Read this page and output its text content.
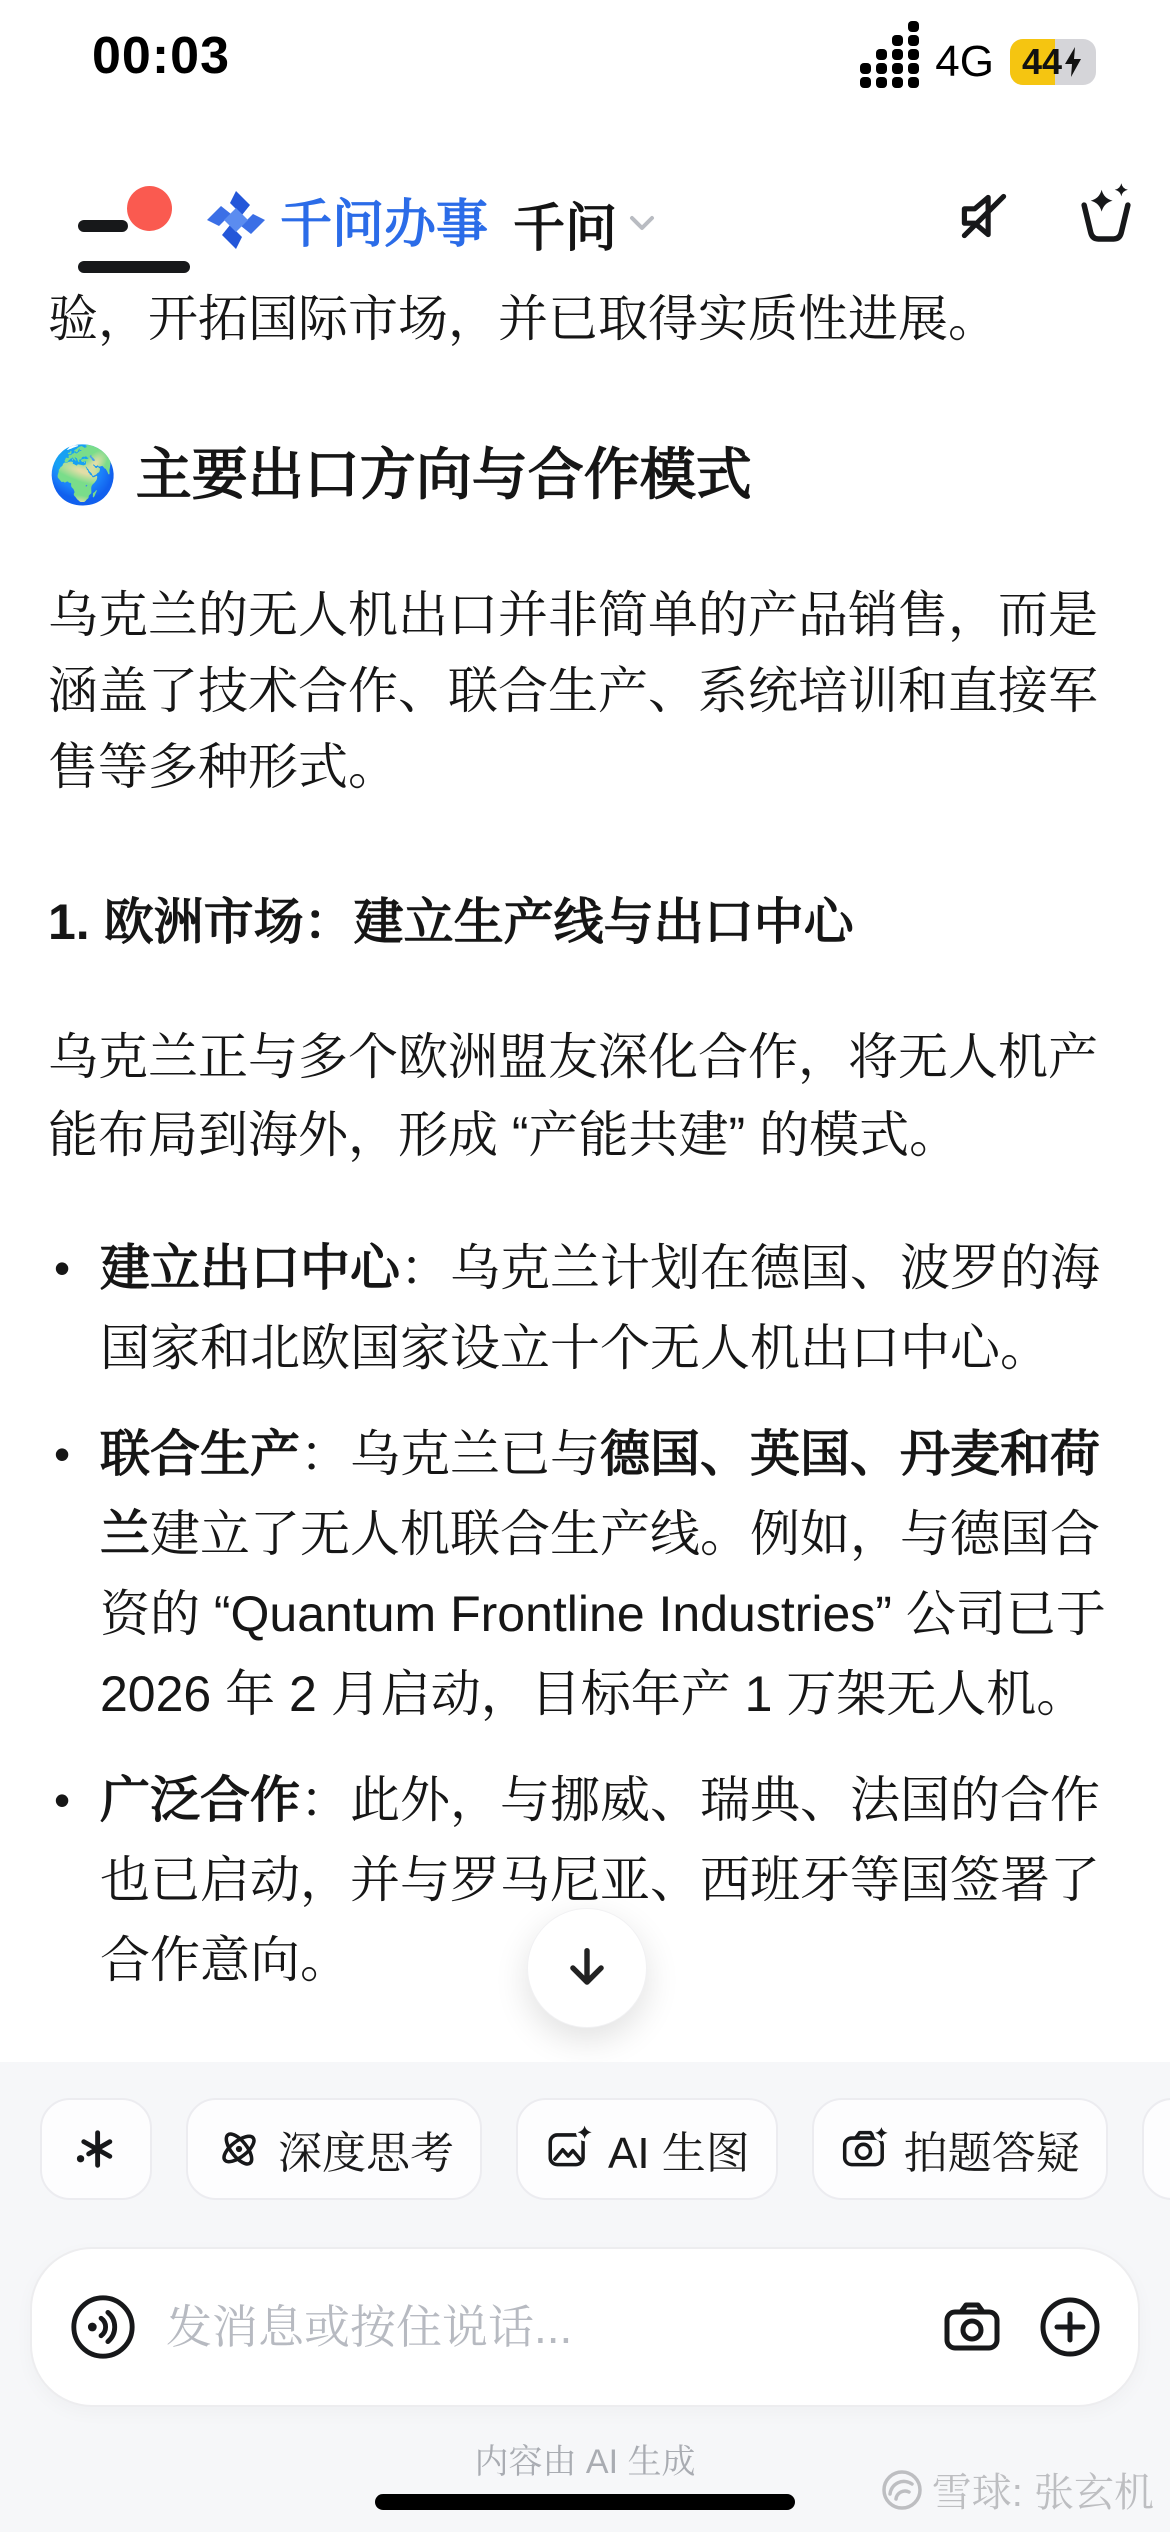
00:03	4G 44
千问办事 千问
验，开拓国际市场，并已取得实质性进展。
🌍 主要出口方向与合作模式
乌克兰的无人机出口并非简单的产品销售，而是涵盖了技术合作、联合生产、系统培训和直接军售等多种形式。
1. 欧洲市场：建立生产线与出口中心
乌克兰正与多个欧洲盟友深化合作，将无人机产能布局到海外，形成 “产能共建” 的模式。
• 建立出口中心：乌克兰计划在德国、波罗的海国家和北欧国家设立十个无人机出口中心。
• 联合生产：乌克兰已与德国、英国、丹麦和荷兰建立了无人机联合生产线。例如，与德国合资的 “Quantum Frontline Industries” 公司已于 2026 年 2 月启动，目标年产 1 万架无人机。
• 广泛合作：此外，与挪威、瑞典、法国的合作也已启动，并与罗马尼亚、西班牙等国签署了合作意向。
深度思考	AI 生图	拍题答疑
发消息或按住说话...
内容由 AI 生成
雪球: 张玄机
